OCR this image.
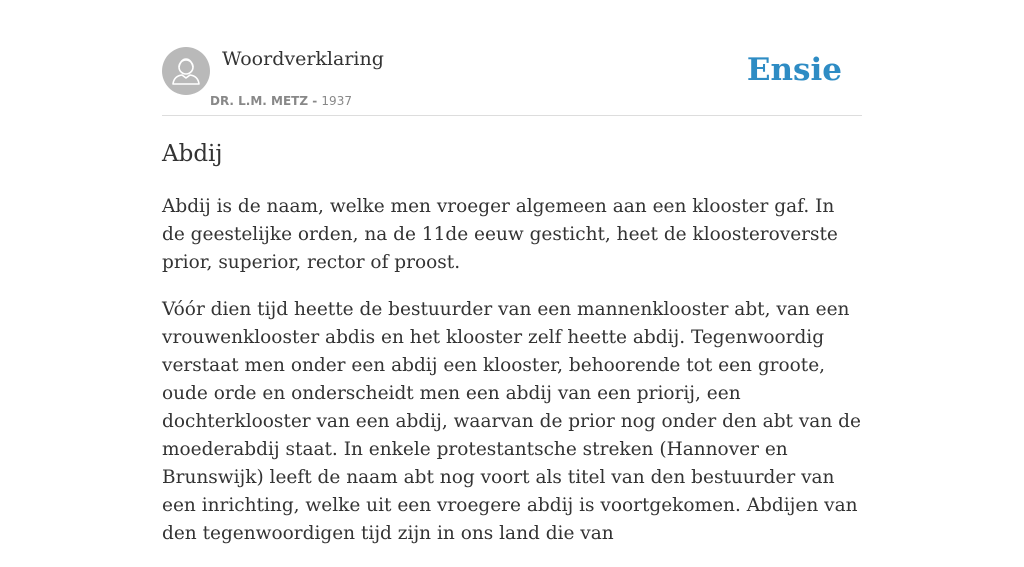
Woordverklaring
DR. L.M. METZ - 1937
Ensie
Abdij

Abdij is de naam, welke men vroeger algemeen aan een klooster gaf. In de geestelijke orden, na de 11de eeuw gesticht, heet de kloosteroverste prior, superior, rector of proost.

Vóór dien tijd heette de bestuurder van een mannenklooster abt, van een vrouwenklooster abdis en het klooster zelf heette abdij. Tegenwoordig verstaat men onder een abdij een klooster, behoorende tot een groote, oude orde en onderscheidt men een abdij van een priorij, een dochterklooster van een abdij, waarvan de prior nog onder den abt van de moederabdij staat. In enkele protestantsche streken (Hannover en Brunswijk) leeft de naam abt nog voort als titel van den bestuurder van een inrichting, welke uit een vroegere abdij is voortgekomen. Abdijen van den tegenwoordigen tijd zijn in ons land die van
